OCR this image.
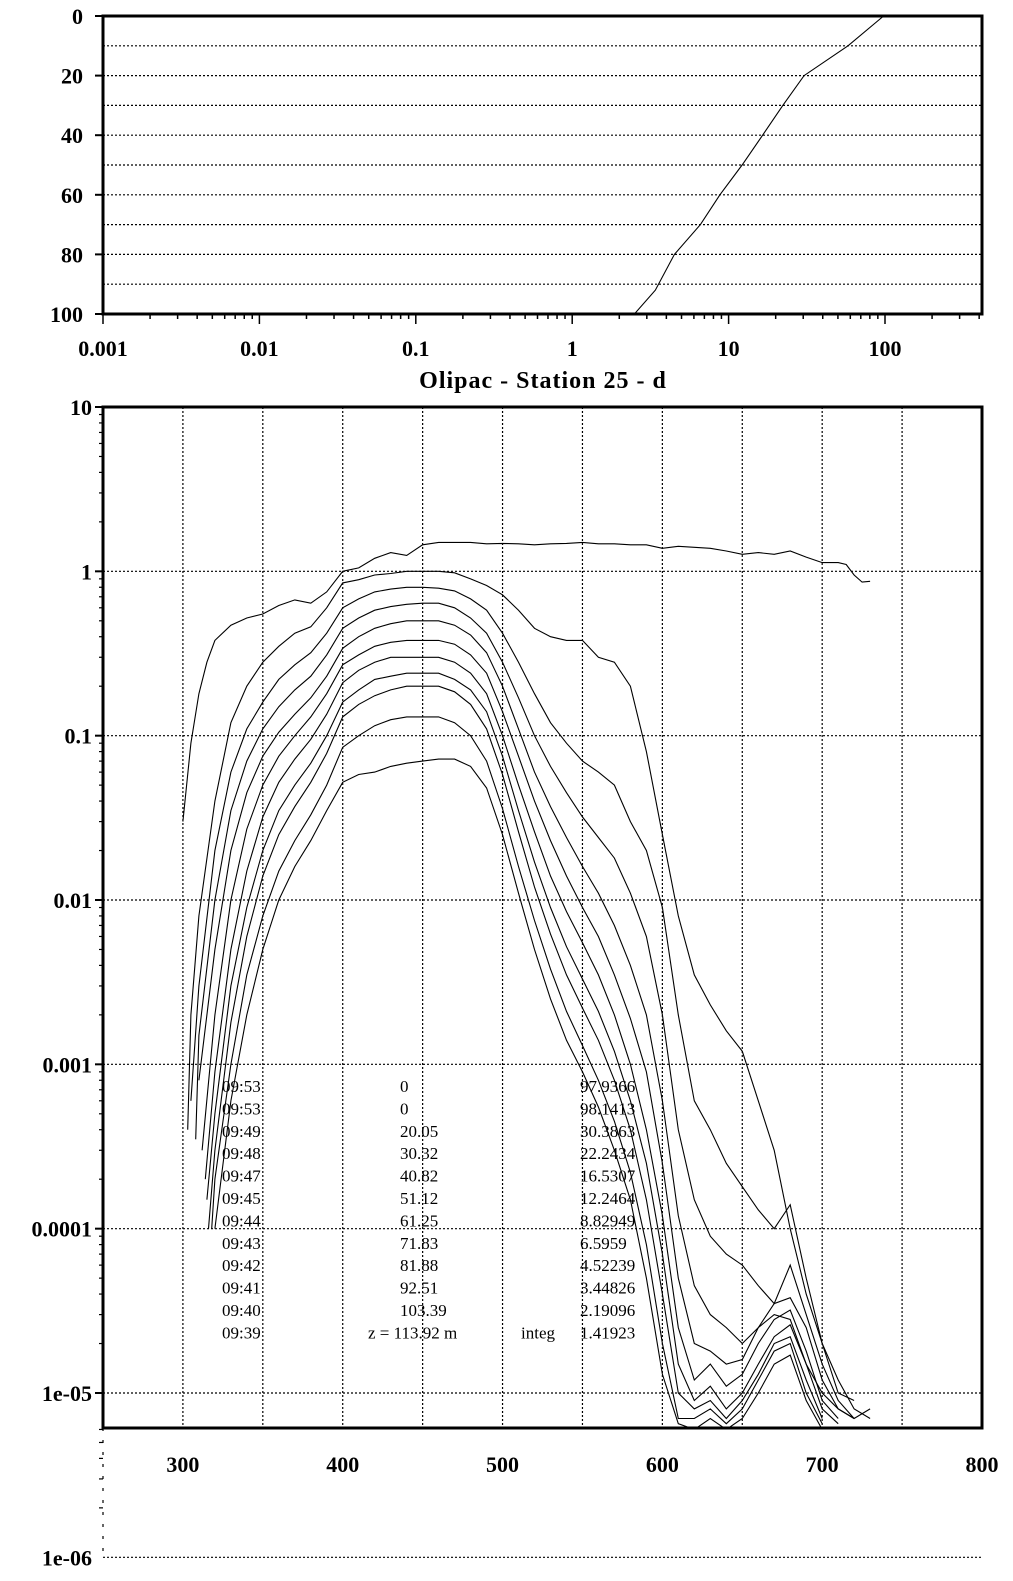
0
20
40
60
80
100
0.001	0.01	0.1	1	10	100
Olipac - Station 25 - d
09:53	0	97.9366
09:53	0	98.1413
09:49	20.05	30.3863
09:48	30.32	22.2434
09:47	40.82	16.5307
09:45	51.12	12.2464
09:44	61.25	8.82949
09:43	71.83	6.5959
09:42	81.88	4.52239
09:41	92.51	3.44826
09:40	103.39	2.19096
09:39	z = 113.92 m	integ 1.41923
10
1
0.1
0.01
0.001
0.0001
1e-05
1e-06
300	400	500	600	700	800
